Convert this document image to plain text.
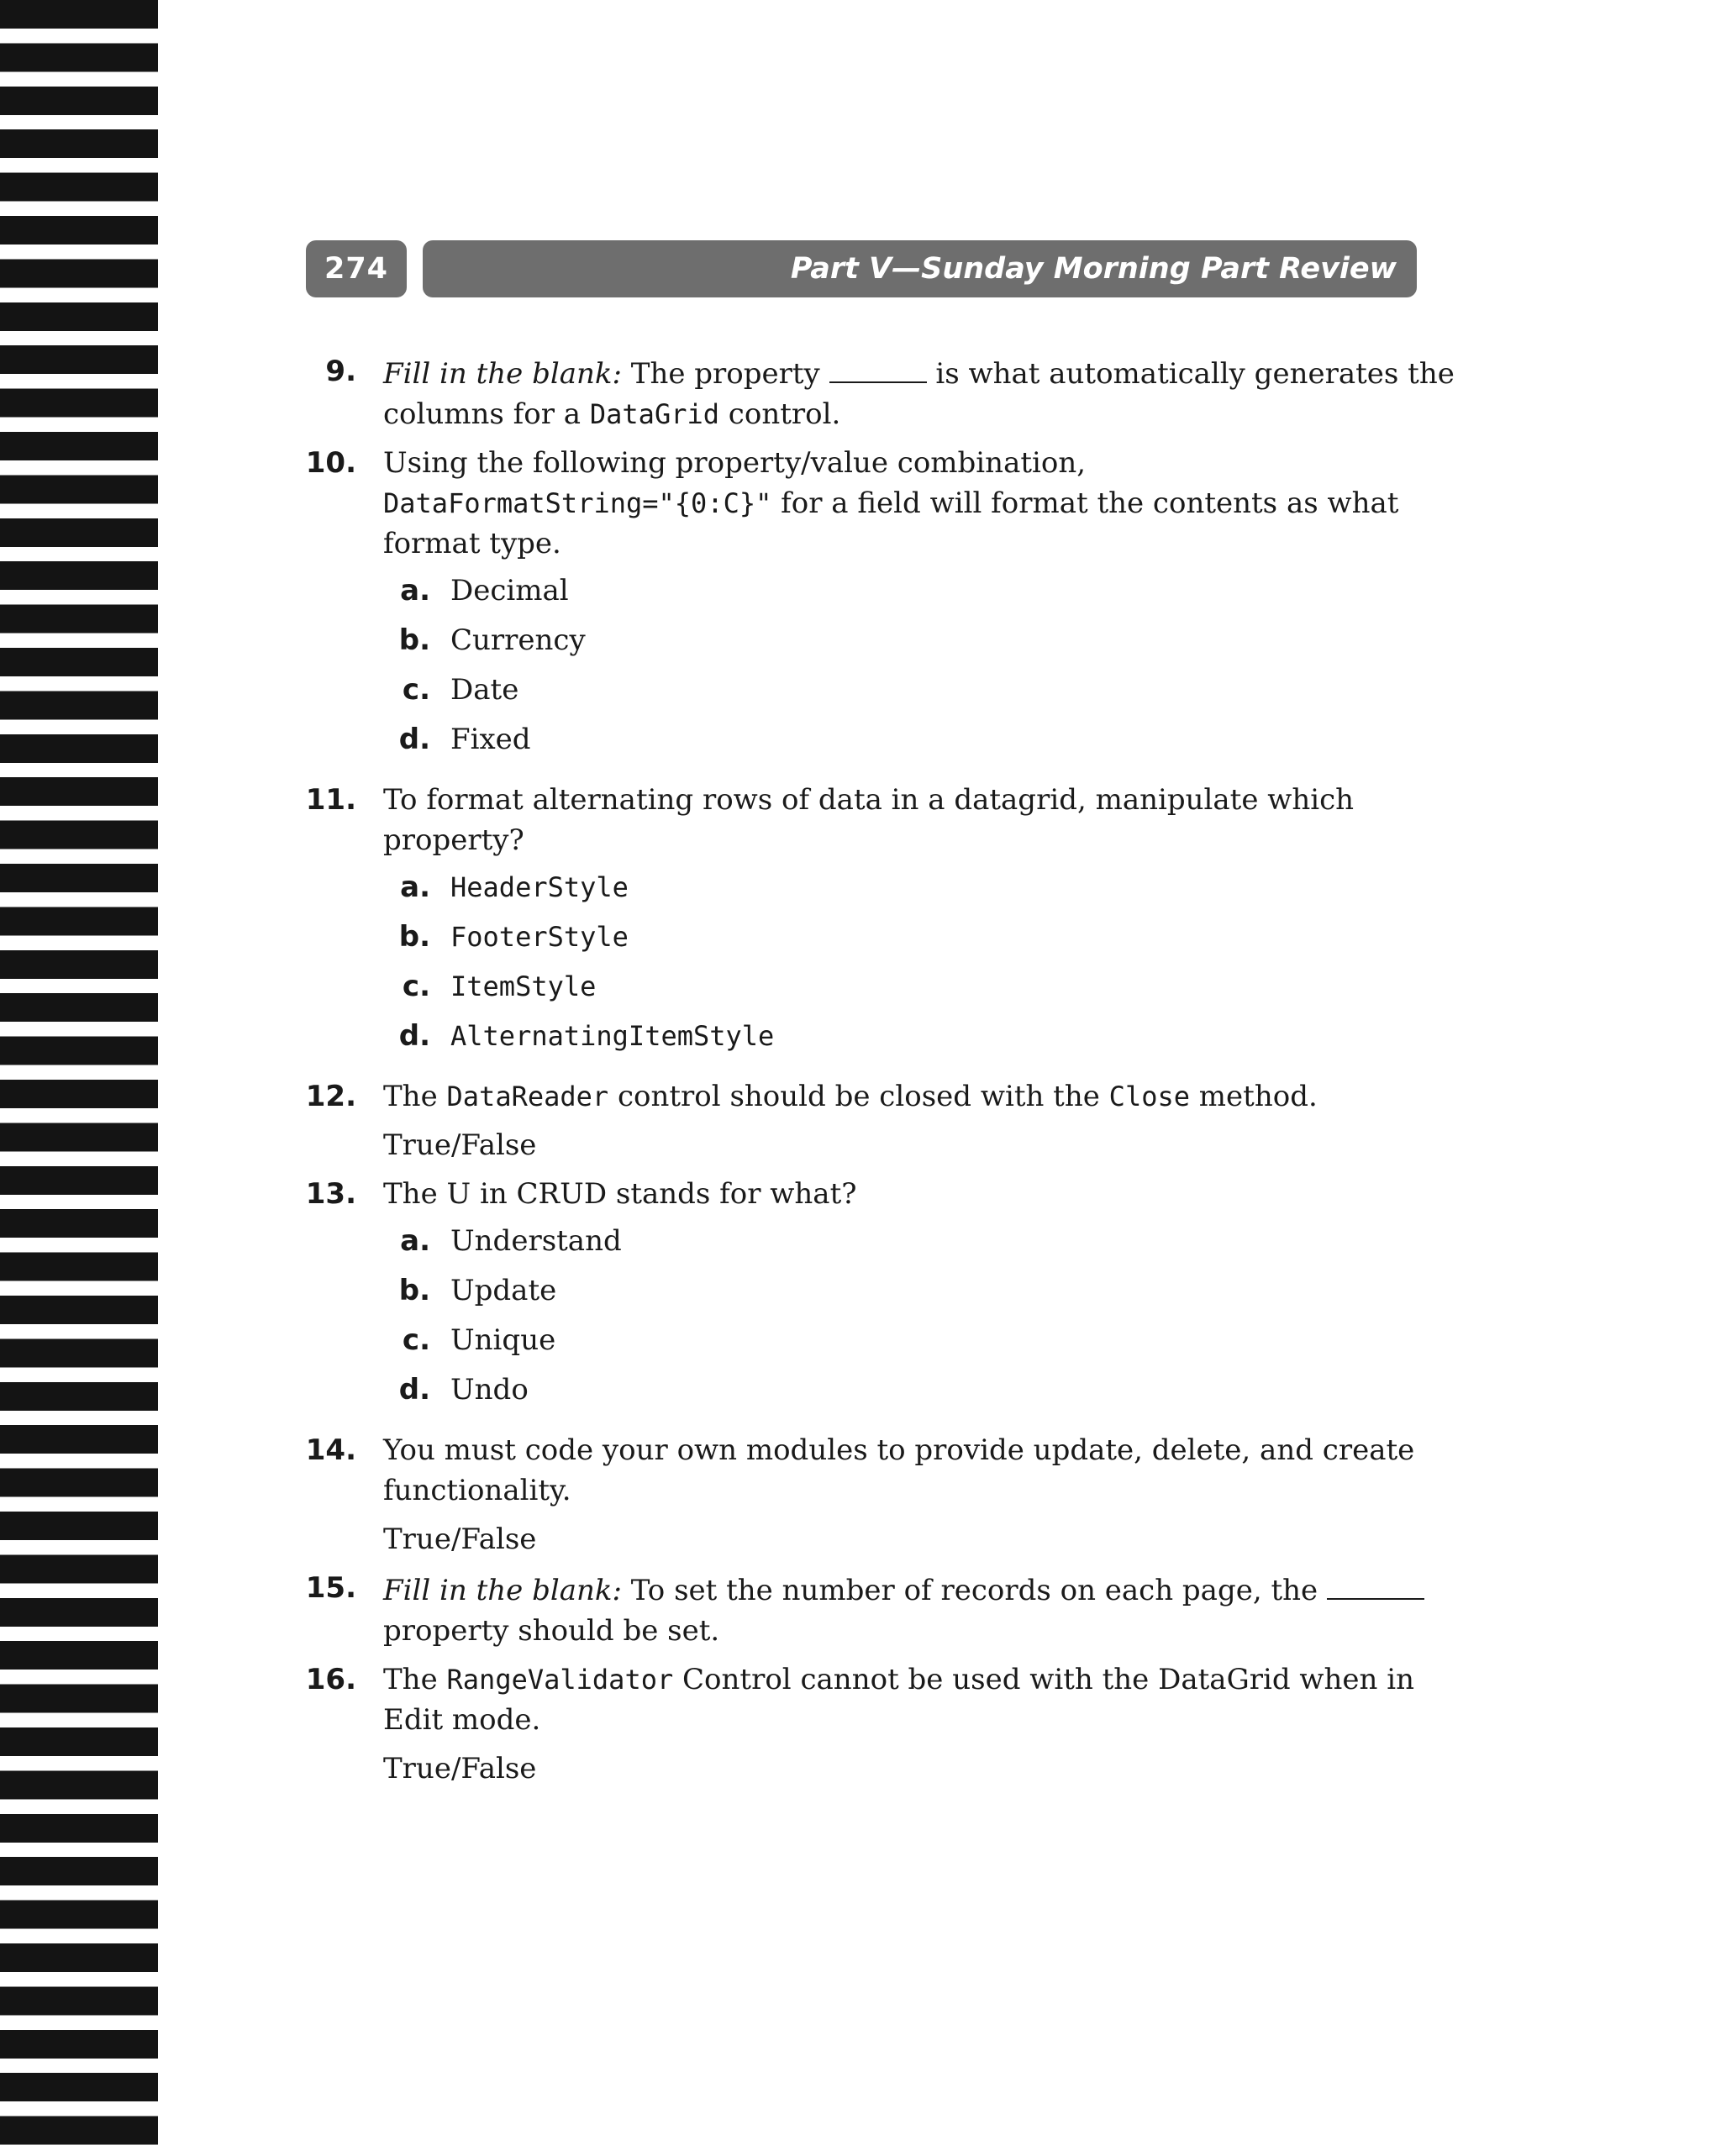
274	Part V—Sunday Morning Part Review
9. Fill in the blank: The property	is what automatically generates the
columns for a DataGrid control.
10. Using the following property/value combination,
DataFormatString="{0:C}" for a field will format the contents as what
format type.
a. Decimal
b. Currency
c. Date
d. Fixed
11. To format alternating rows of data in a datagrid, manipulate which
property?
a. HeaderStyle
b. FooterStyle
c. ItemStyle
d. AlternatingItemStyle
12. The DataReader control should be closed with the Close method.
True/False
13. The U in CRUD stands for what?
a. Understand
b. Update
c. Unique
d. Undo
14. You must code your own modules to provide update, delete, and create
functionality.
True/False
15. Fill in the blank: To set the number of records on each page, the
property should be set.
16. The RangeValidator Control cannot be used with the DataGrid when in
Edit mode.
True/False
